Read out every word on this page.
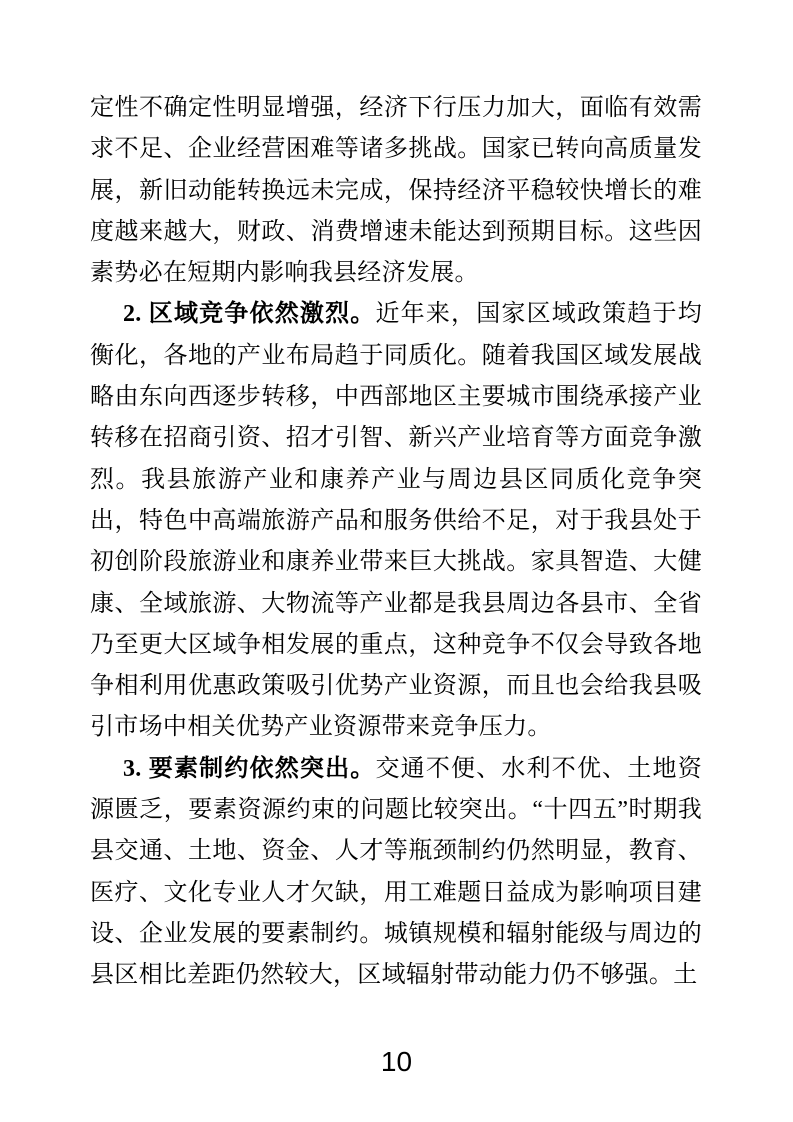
定性不确定性明显增强，经济下行压力加大，面临有效需求不足、企业经营困难等诸多挑战。国家已转向高质量发展，新旧动能转换远未完成，保持经济平稳较快增长的难度越来越大，财政、消费增速未能达到预期目标。这些因素势必在短期内影响我县经济发展。

2. 区域竞争依然激烈。近年来，国家区域政策趋于均衡化，各地的产业布局趋于同质化。随着我国区域发展战略由东向西逐步转移，中西部地区主要城市围绕承接产业转移在招商引资、招才引智、新兴产业培育等方面竞争激烈。我县旅游产业和康养产业与周边县区同质化竞争突出，特色中高端旅游产品和服务供给不足，对于我县处于初创阶段旅游业和康养业带来巨大挑战。家具智造、大健康、全域旅游、大物流等产业都是我县周边各县市、全省乃至更大区域争相发展的重点，这种竞争不仅会导致各地争相利用优惠政策吸引优势产业资源，而且也会给我县吸引市场中相关优势产业资源带来竞争压力。

3. 要素制约依然突出。交通不便、水利不优、土地资源匮乏，要素资源约束的问题比较突出。“十四五”时期我县交通、土地、资金、人才等瓶颈制约仍然明显，教育、医疗、文化专业人才欠缺，用工难题日益成为影响项目建设、企业发展的要素制约。城镇规模和辐射能级与周边的县区相比差距仍然较大，区域辐射带动能力仍不够强。土

10
